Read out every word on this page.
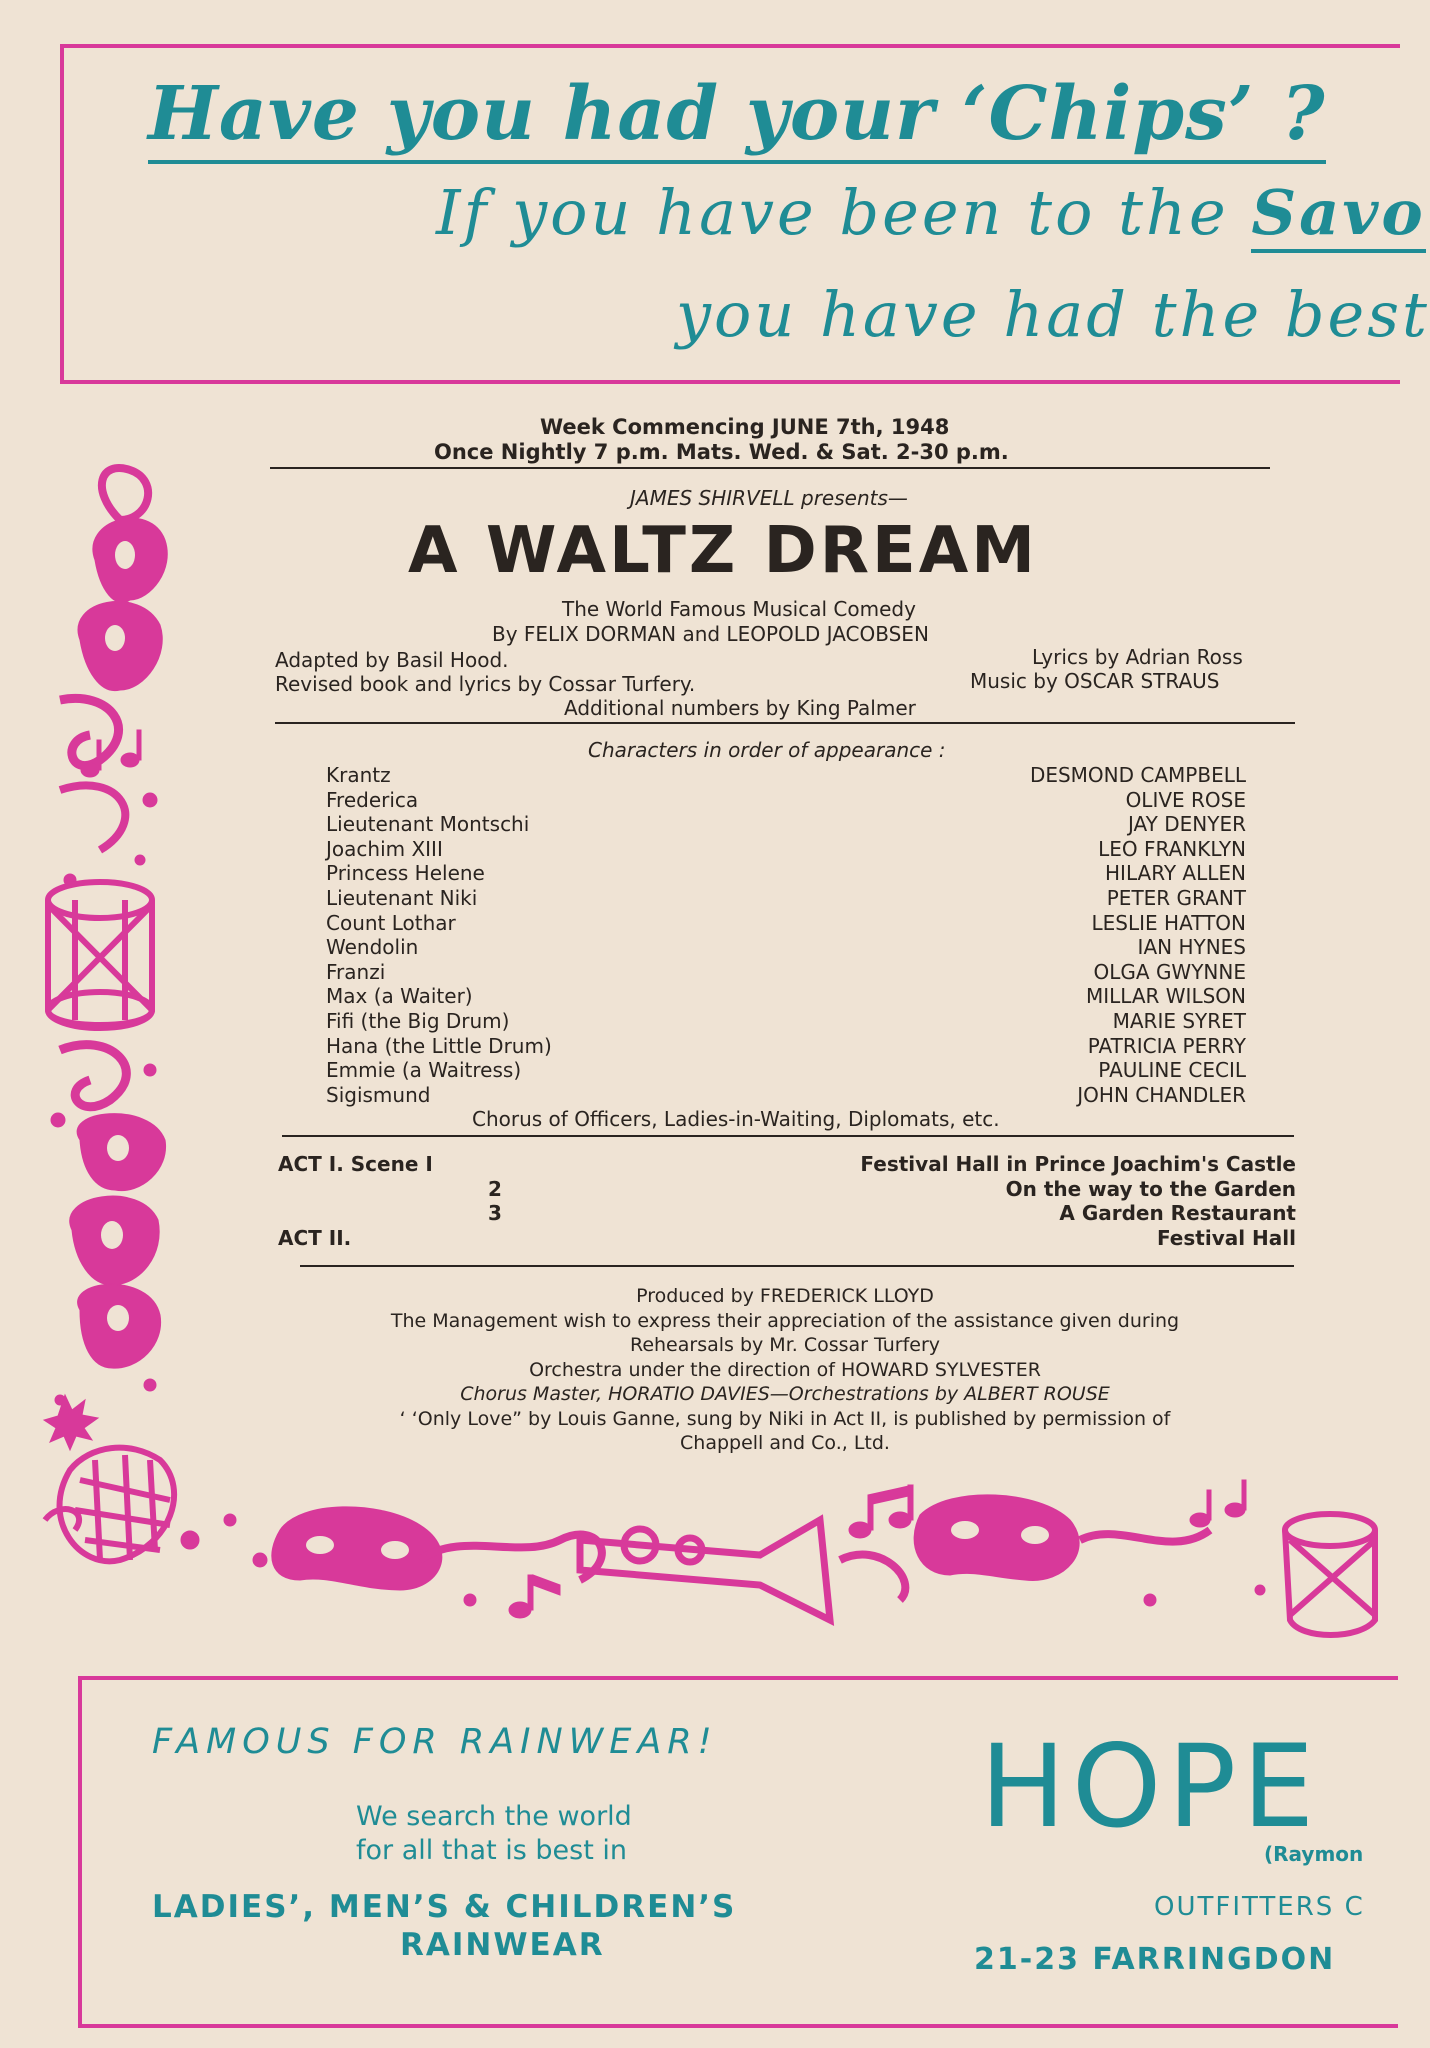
Have you had your ‘Chips’ ?
If you have been to the Savo
you have had the best
Week Commencing JUNE 7th, 1948
Once Nightly 7 p.m. Mats. Wed. & Sat. 2-30 p.m.
JAMES SHIRVELL presents—
A WALTZ DREAM
The World Famous Musical Comedy
By FELIX DORMAN and LEOPOLD JACOBSEN
Adapted by Basil Hood.	Lyrics by Adrian Ross
Revised book and lyrics by Cossar Turfery.	Music by OSCAR STRAUS
Additional numbers by King Palmer
Characters in order of appearance :
Krantz	DESMOND CAMPBELL
Frederica	OLIVE ROSE
Lieutenant Montschi	JAY DENYER
Joachim XIII	LEO FRANKLYN
Princess Helene	HILARY ALLEN
Lieutenant Niki	PETER GRANT
Count Lothar	LESLIE HATTON
Wendolin	IAN HYNES
Franzi	OLGA GWYNNE
Max (a Waiter)	MILLAR WILSON
Fifi (the Big Drum)	MARIE SYRET
Hana (the Little Drum)	PATRICIA PERRY
Emmie (a Waitress)	PAULINE CECIL
Sigismund	JOHN CHANDLER
Chorus of Officers, Ladies-in-Waiting, Diplomats, etc.
ACT I. Scene I	Festival Hall in Prince Joachim's Castle
2	On the way to the Garden
3	A Garden Restaurant
ACT II.	Festival Hall
Produced by FREDERICK LLOYD
The Management wish to express their appreciation of the assistance given during
Rehearsals by Mr. Cossar Turfery
Orchestra under the direction of HOWARD SYLVESTER
Chorus Master, HORATIO DAVIES—Orchestrations by ALBERT ROUSE
‘ ‘Only Love” by Louis Ganne, sung by Niki in Act II, is published by permission of
Chappell and Co., Ltd.
FAMOUS FOR RAINWEAR!
We search the world
for all that is best in
LADIES’, MEN’S & CHILDREN’S
RAINWEAR
HOPE
(Raymon
OUTFITTERS C
21-23 FARRINGDON
